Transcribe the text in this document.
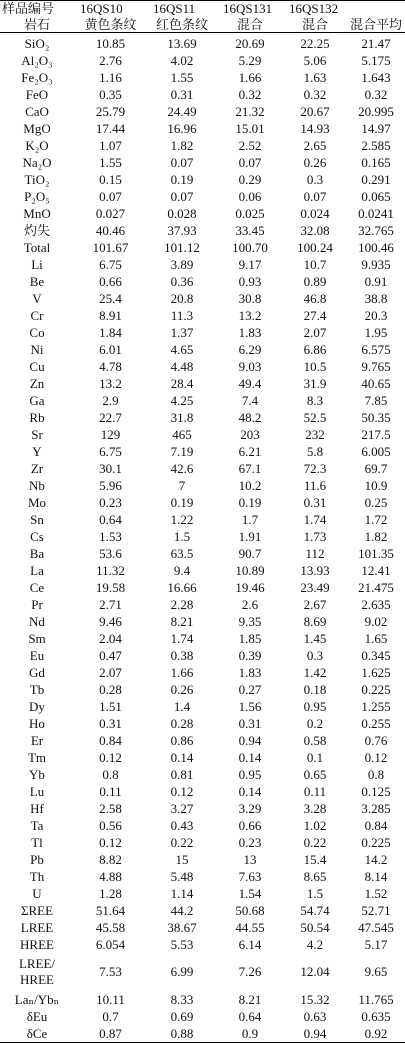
样品编号	16QS10	16QS11	16QS131	16QS132	
岩石	黄色条纹	红色条纹	混合	混合	混合平均
SiO₂	10.85	13.69	20.69	22.25	21.47
Al₂O₃	2.76	4.02	5.29	5.06	5.175
Fe₂O₃	1.16	1.55	1.66	1.63	1.643
FeO	0.35	0.31	0.32	0.32	0.32
CaO	25.79	24.49	21.32	20.67	20.995
MgO	17.44	16.96	15.01	14.93	14.97
K₂O	1.07	1.82	2.52	2.65	2.585
Na₂O	1.55	0.07	0.07	0.26	0.165
TiO₂	0.15	0.19	0.29	0.3	0.291
P₂O₅	0.07	0.07	0.06	0.07	0.065
MnO	0.027	0.028	0.025	0.024	0.0241
灼失	40.46	37.93	33.45	32.08	32.765
Total	101.67	101.12	100.70	100.24	100.46
Li	6.75	3.89	9.17	10.7	9.935
Be	0.66	0.36	0.93	0.89	0.91
V	25.4	20.8	30.8	46.8	38.8
Cr	8.91	11.3	13.2	27.4	20.3
Co	1.84	1.37	1.83	2.07	1.95
Ni	6.01	4.65	6.29	6.86	6.575
Cu	4.78	4.48	9.03	10.5	9.765
Zn	13.2	28.4	49.4	31.9	40.65
Ga	2.9	4.25	7.4	8.3	7.85
Rb	22.7	31.8	48.2	52.5	50.35
Sr	129	465	203	232	217.5
Y	6.75	7.19	6.21	5.8	6.005
Zr	30.1	42.6	67.1	72.3	69.7
Nb	5.96	7	10.2	11.6	10.9
Mo	0.23	0.19	0.19	0.31	0.25
Sn	0.64	1.22	1.7	1.74	1.72
Cs	1.53	1.5	1.91	1.73	1.82
Ba	53.6	63.5	90.7	112	101.35
La	11.32	9.4	10.89	13.93	12.41
Ce	19.58	16.66	19.46	23.49	21.475
Pr	2.71	2.28	2.6	2.67	2.635
Nd	9.46	8.21	9.35	8.69	9.02
Sm	2.04	1.74	1.85	1.45	1.65
Eu	0.47	0.38	0.39	0.3	0.345
Gd	2.07	1.66	1.83	1.42	1.625
Tb	0.28	0.26	0.27	0.18	0.225
Dy	1.51	1.4	1.56	0.95	1.255
Ho	0.31	0.28	0.31	0.2	0.255
Er	0.84	0.86	0.94	0.58	0.76
Tm	0.12	0.14	0.14	0.1	0.12
Yb	0.8	0.81	0.95	0.65	0.8
Lu	0.11	0.12	0.14	0.11	0.125
Hf	2.58	3.27	3.29	3.28	3.285
Ta	0.56	0.43	0.66	1.02	0.84
Tl	0.12	0.22	0.23	0.22	0.225
Pb	8.82	15	13	15.4	14.2
Th	4.88	5.48	7.63	8.65	8.14
U	1.28	1.14	1.54	1.5	1.52
ΣREE	51.64	44.2	50.68	54.74	52.71
LREE	45.58	38.67	44.55	50.54	47.545
HREE	6.054	5.53	6.14	4.2	5.17
LREE/
HREE	7.53	6.99	7.26	12.04	9.65
Laₙ/Ybₙ	10.11	8.33	8.21	15.32	11.765
δEu	0.7	0.69	0.64	0.63	0.635
δCe	0.87	0.88	0.9	0.94	0.92
